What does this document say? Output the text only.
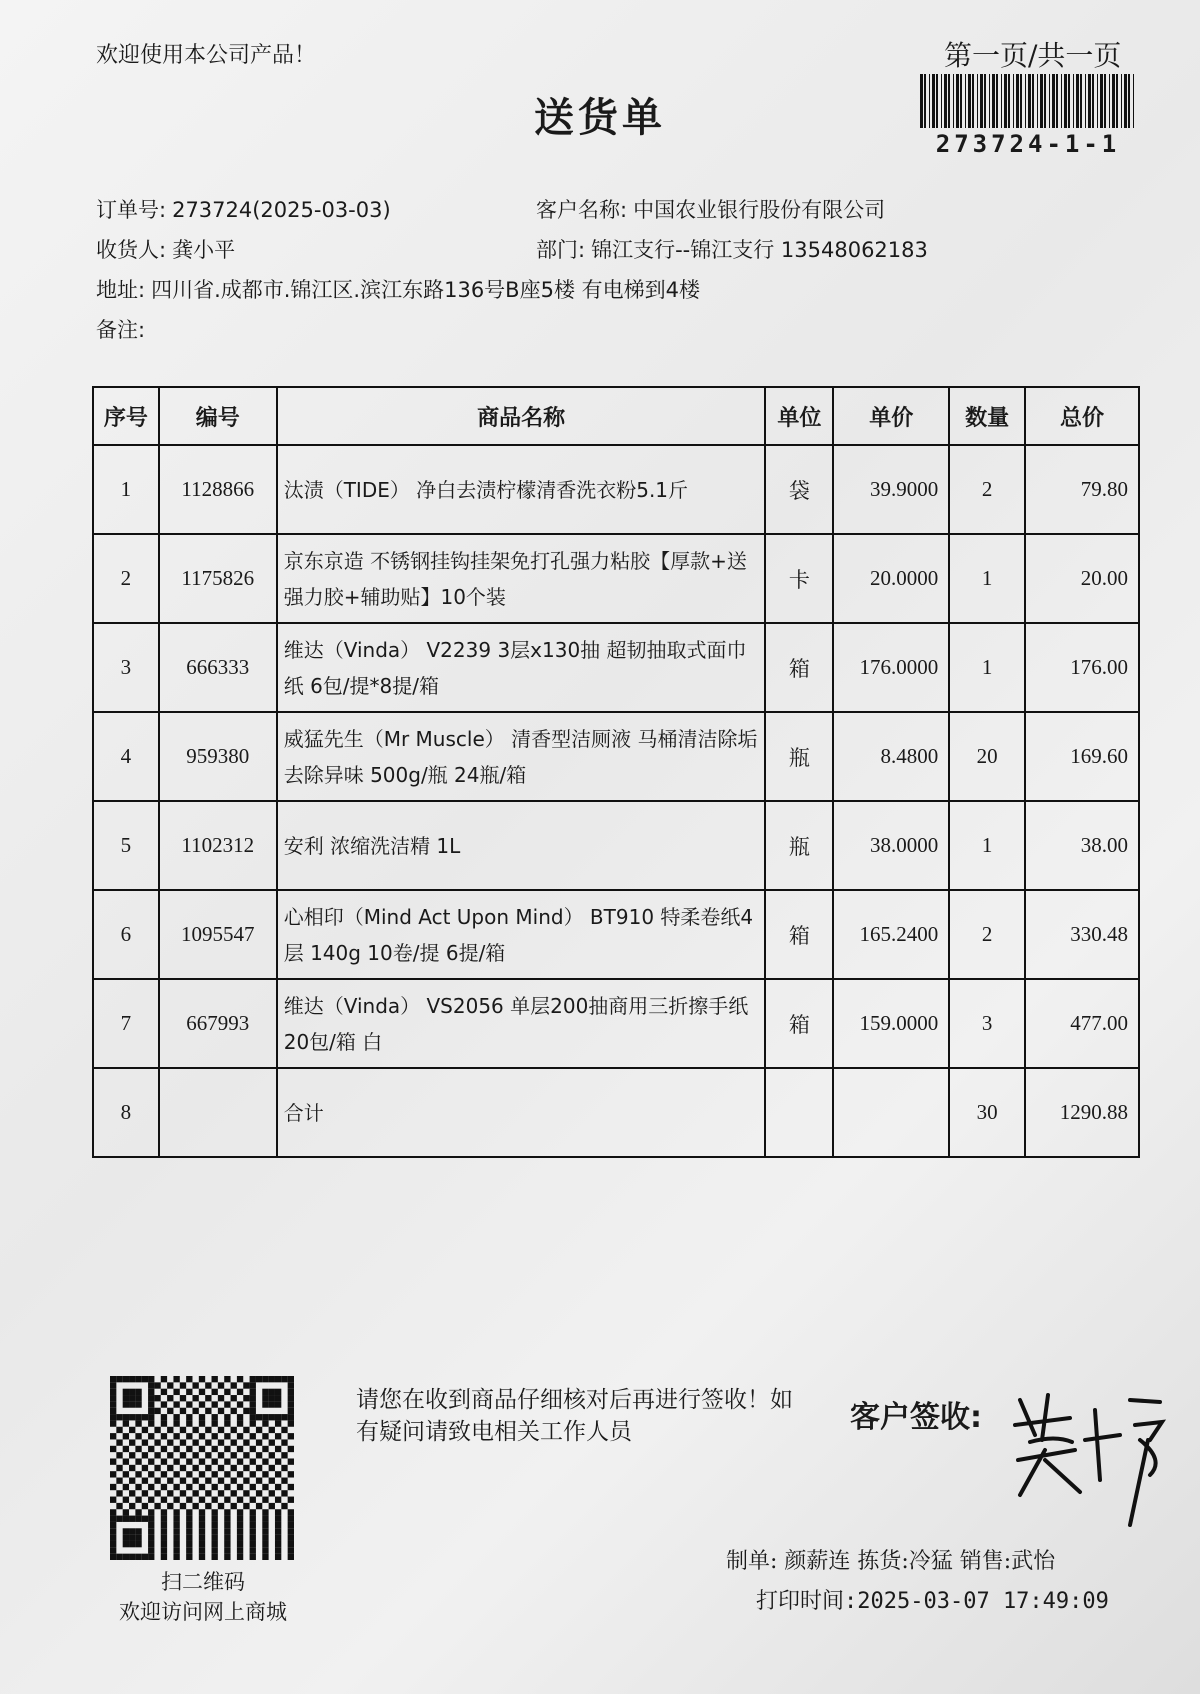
欢迎使用本公司产品！	第一页/共一页
273724-1-1
送货单
订单号: 273724(2025-03-03)	客户名称: 中国农业银行股份有限公司
收货人: 龚小平	部门: 锦江支行--锦江支行 13548062183
地址: 四川省.成都市.锦江区.滨江东路136号B座5楼 有电梯到4楼
备注:
序号	编号	商品名称	单位	单价	数量	总价
1	1128866	汰渍（TIDE） 净白去渍柠檬清香洗衣粉5.1斤	袋	39.9000	2	79.80
2	1175826	京东京造 不锈钢挂钩挂架免打孔强力粘胶【厚款+送强力胶+辅助贴】10个装	卡	20.0000	1	20.00
3	666333	维达（Vinda） V2239 3层x130抽 超韧抽取式面巾纸 6包/提*8提/箱	箱	176.0000	1	176.00
4	959380	威猛先生（Mr Muscle） 清香型洁厕液 马桶清洁除垢去除异味 500g/瓶 24瓶/箱	瓶	8.4800	20	169.60
5	1102312	安利 浓缩洗洁精 1L	瓶	38.0000	1	38.00
6	1095547	心相印（Mind Act Upon Mind） BT910 特柔卷纸4层 140g 10卷/提 6提/箱	箱	165.2400	2	330.48
7	667993	维达（Vinda） VS2056 单层200抽商用三折擦手纸 20包/箱 白	箱	159.0000	3	477.00
8		合计			30	1290.88
扫二维码
欢迎访问网上商城
请您在收到商品仔细核对后再进行签收！如有疑问请致电相关工作人员	客户签收:
制单: 颜薪连 拣货:冷猛 销售:武怡
打印时间:2025-03-07 17:49:09
